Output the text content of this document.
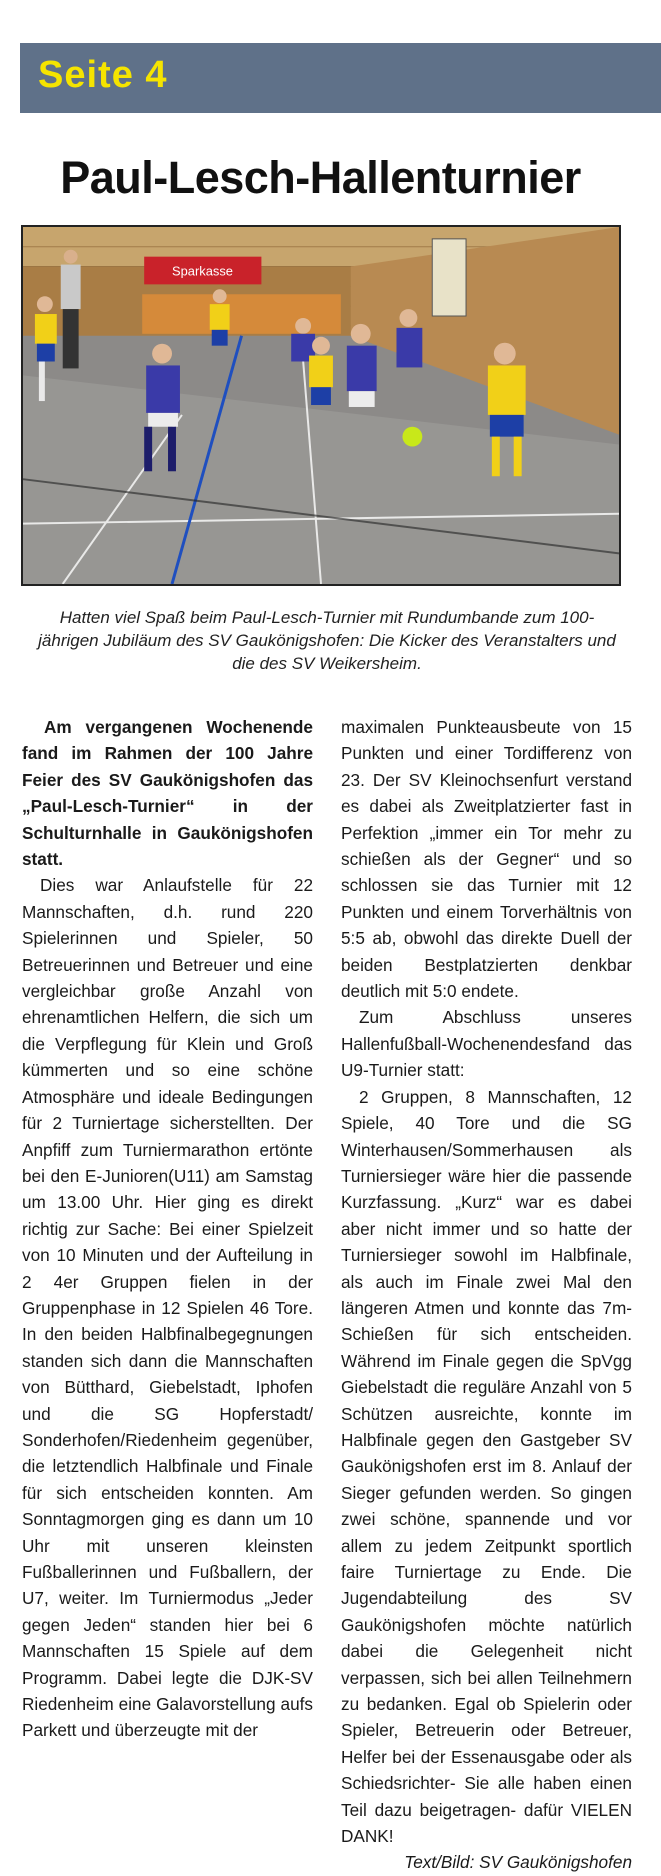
Seite 4
Paul-Lesch-Hallenturnier
Sparkasse
Hatten viel Spaß beim Paul-Lesch-Turnier mit Rundumbande zum 100-jährigen Jubiläum des SV Gaukönigshofen: Die Kicker des Veranstalters und die des SV Weikersheim.

Am vergangenen Wochenende fand im Rahmen der 100 Jahre Feier des SV Gaukönigshofen das „Paul-Lesch-Turnier“ in der Schulturnhalle in Gaukönigshofen statt.

Dies war Anlaufstelle für 22 Mannschaften, d.h. rund 220 Spielerinnen und Spieler, 50 Betreuerinnen und Betreuer und eine vergleichbar große Anzahl von ehrenamtlichen Helfern, die sich um die Verpflegung für Klein und Groß kümmerten und so eine schöne Atmosphäre und ideale Bedingungen für 2 Turniertage sicherstellten. Der Anpfiff zum Turniermarathon ertönte bei den E-Junioren(U11) am Samstag um 13.00 Uhr. Hier ging es direkt richtig zur Sache: Bei einer Spielzeit von 10 Minuten und der Aufteilung in 2 4er Gruppen fielen in der Gruppenphase in 12 Spielen 46 Tore. In den beiden Halbfinalbegegnungen standen sich dann die Mannschaften von Bütthard, Giebelstadt, Iphofen und die SG Hopferstadt/ Sonderhofen/Riedenheim gegenüber, die letztendlich Halbfinale und Finale für sich entscheiden konnten. Am Sonntagmorgen ging es dann um 10 Uhr mit unseren kleinsten Fußballerinnen und Fußballern, der U7, weiter. Im Turniermodus „Jeder gegen Jeden“ standen hier bei 6 Mannschaften 15 Spiele auf dem Programm. Dabei legte die DJK-SV Riedenheim eine Galavorstellung aufs Parkett und überzeugte mit der

maximalen Punkteausbeute von 15 Punkten und einer Tordifferenz von 23. Der SV Kleinochsenfurt verstand es dabei als Zweitplatzierter fast in Perfektion „immer ein Tor mehr zu schießen als der Gegner“ und so schlossen sie das Turnier mit 12 Punkten und einem Torverhältnis von 5:5 ab, obwohl das direkte Duell der beiden Bestplatzierten denkbar deutlich mit 5:0 endete.

Zum Abschluss unseres Hallenfußball-Wochenendesfand das U9-Turnier statt:

2 Gruppen, 8 Mannschaften, 12 Spiele, 40 Tore und die SG Winterhausen/Sommerhausen als Turniersieger wäre hier die passende Kurzfassung. „Kurz“ war es dabei aber nicht immer und so hatte der Turniersieger sowohl im Halbfinale, als auch im Finale zwei Mal den längeren Atmen und konnte das 7m-Schießen für sich entscheiden. Während im Finale gegen die SpVgg Giebelstadt die reguläre Anzahl von 5 Schützen ausreichte, konnte im Halbfinale gegen den Gastgeber SV Gaukönigshofen erst im 8. Anlauf der Sieger gefunden werden. So gingen zwei schöne, spannende und vor allem zu jedem Zeitpunkt sportlich faire Turniertage zu Ende. Die Jugendabteilung des SV Gaukönigshofen möchte natürlich dabei die Gelegenheit nicht verpassen, sich bei allen Teilnehmern zu bedanken. Egal ob Spielerin oder Spieler, Betreuerin oder Betreuer, Helfer bei der Essenausgabe oder als Schiedsrichter- Sie alle haben einen Teil dazu beigetragen- dafür VIELEN DANK!

Text/Bild: SV Gaukönigshofen
